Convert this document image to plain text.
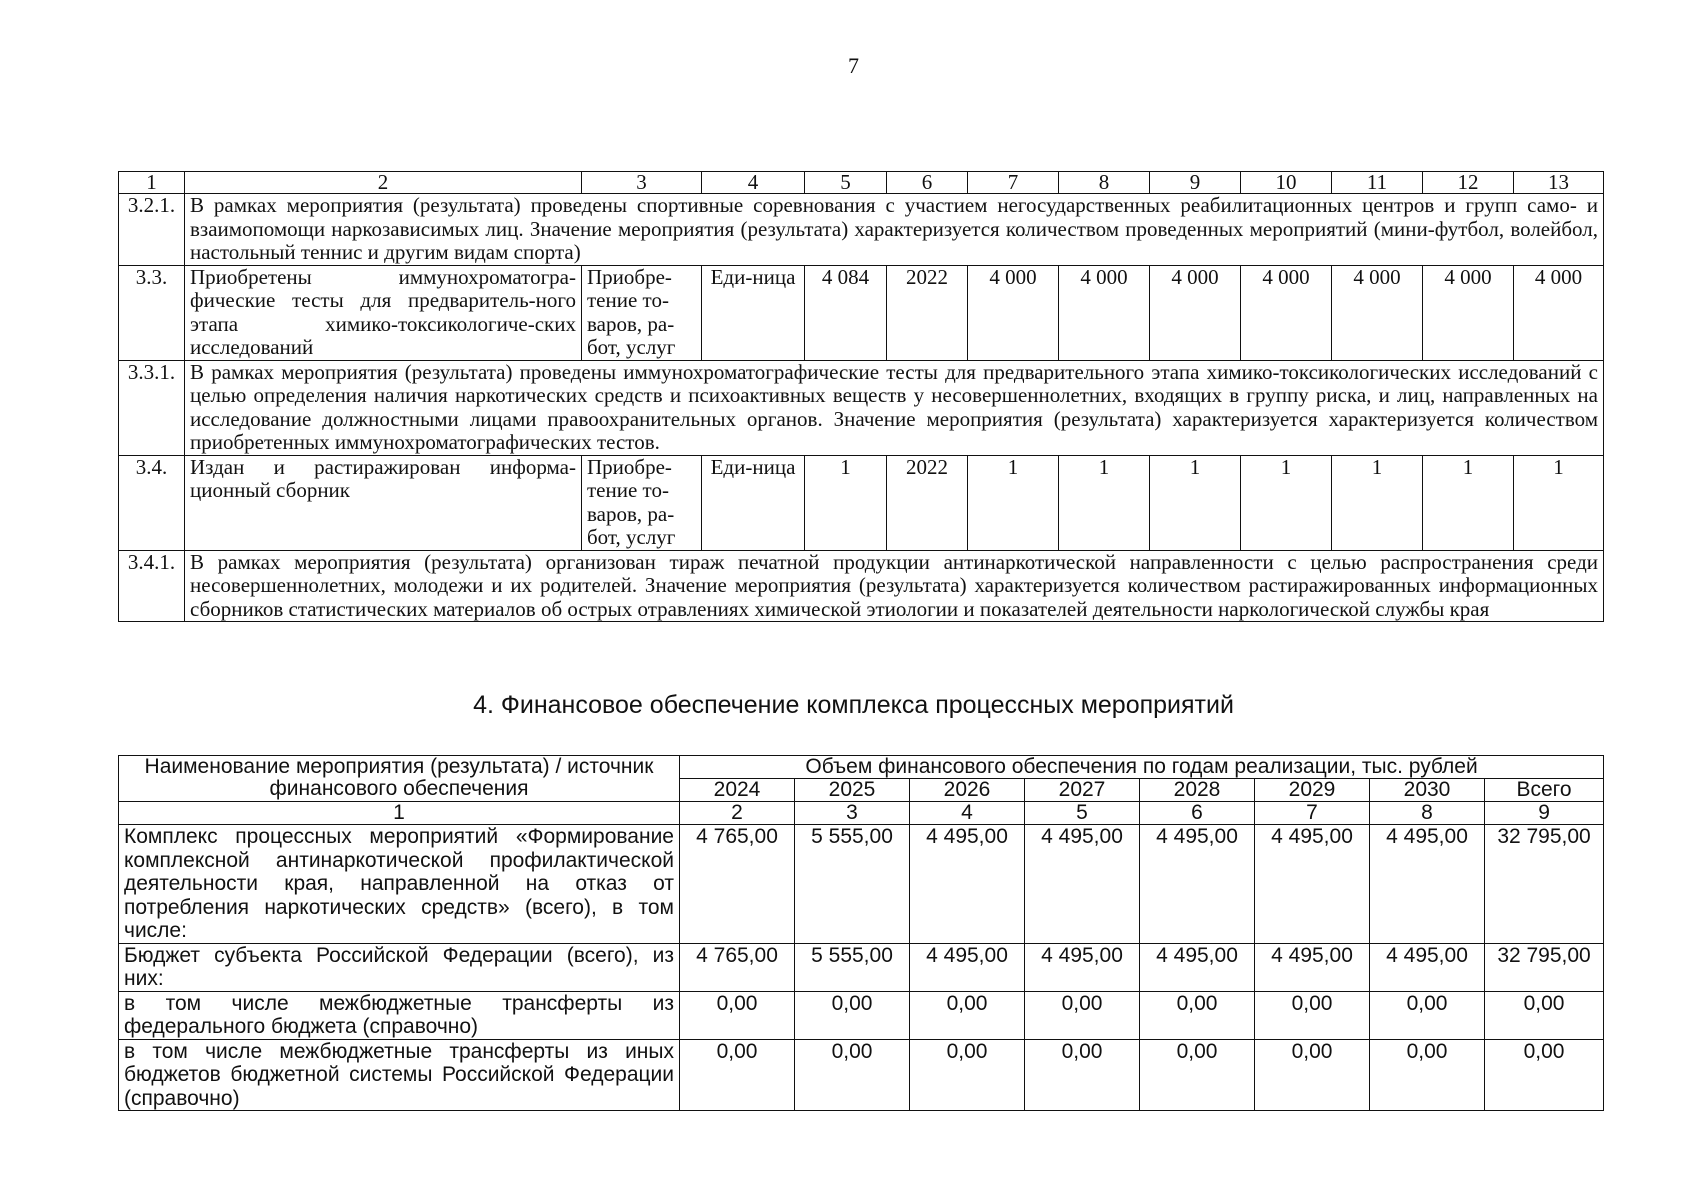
7
1	2	3	4	5	6	7	8	9	10	11	12	13
3.2.1.	В рамках мероприятия (результата) проведены спортивные соревнования с участием негосударственных реабилитационных центров и групп само- и взаимопомощи наркозависимых лиц. Значение мероприятия (результата) характеризуется количеством проведенных мероприятий (мини-футбол, волейбол, настольный теннис и другим видам спорта)											
3.3.	Приобретены иммунохроматогра-фические тесты для предваритель-ного этапа химико-токсикологиче-ских исследований	Приобре-тение то-варов, ра-бот, услуг	Еди-ница	4 084	2022	4 000	4 000	4 000	4 000	4 000	4 000	4 000
3.3.1.	В рамках мероприятия (результата) проведены иммунохроматографические тесты для предварительного этапа химико-токсикологических исследований с целью определения наличия наркотических средств и психоактивных веществ у несовершеннолетних, входящих в группу риска, и лиц, направленных на исследование должностными лицами правоохранительных органов. Значение мероприятия (результата) характеризуется характеризуется количеством приобретенных иммунохроматографических тестов.											
3.4.	Издан и растиражирован информа-ционный сборник	Приобре-тение то-варов, ра-бот, услуг	Еди-ница	1	2022	1	1	1	1	1	1	1
3.4.1.	В рамках мероприятия (результата) организован тираж печатной продукции антинаркотической направленности с целью распространения среди несовершеннолетних, молодежи и их родителей. Значение мероприятия (результата) характеризуется количеством растиражированных информационных сборников статистических материалов об острых отравлениях химической этиологии и показателей деятельности наркологической службы края											
4. Финансовое обеспечение комплекса процессных мероприятий
Наименование мероприятия (результата) / источник финансового обеспечения	Объем финансового обеспечения по годам реализации, тыс. рублей							
	2024	2025	2026	2027	2028	2029	2030	Всего
1	2	3	4	5	6	7	8	9
Комплекс процессных мероприятий «Формирование комплексной антинаркотической профилактической деятельности края, направленной на отказ от потребления наркотических средств» (всего), в том числе:	4 765,00	5 555,00	4 495,00	4 495,00	4 495,00	4 495,00	4 495,00	32 795,00
Бюджет субъекта Российской Федерации (всего), из них:	4 765,00	5 555,00	4 495,00	4 495,00	4 495,00	4 495,00	4 495,00	32 795,00
в том числе межбюджетные трансферты из федерального бюджета (справочно)	0,00	0,00	0,00	0,00	0,00	0,00	0,00	0,00
в том числе межбюджетные трансферты из иных бюджетов бюджетной системы Российской Федерации (справочно)	0,00	0,00	0,00	0,00	0,00	0,00	0,00	0,00
